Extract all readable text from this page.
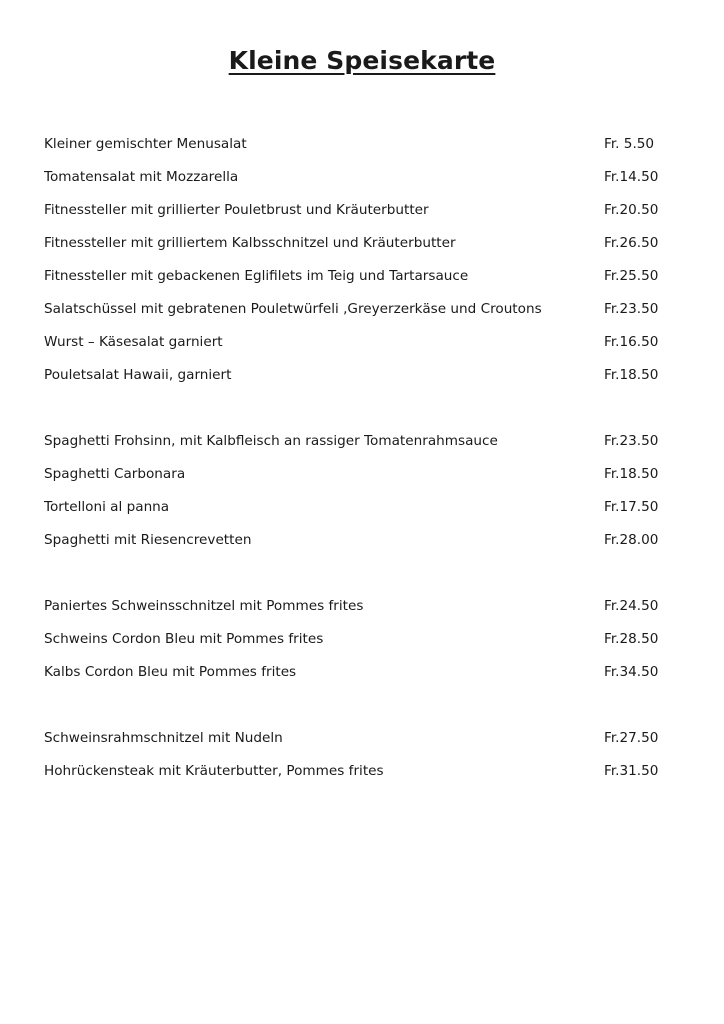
Kleine Speisekarte
Kleiner gemischter Menusalat	Fr. 5.50
Tomatensalat mit Mozzarella	Fr.14.50
Fitnessteller mit grillierter Pouletbrust und Kräuterbutter	Fr.20.50
Fitnessteller mit grilliertem Kalbsschnitzel und Kräuterbutter	Fr.26.50
Fitnessteller mit gebackenen Eglifilets im Teig und Tartarsauce	Fr.25.50
Salatschüssel mit gebratenen Pouletwürfeli ,Greyerzerkäse und Croutons	Fr.23.50
Wurst – Käsesalat garniert	Fr.16.50
Pouletsalat Hawaii, garniert	Fr.18.50
Spaghetti Frohsinn, mit Kalbfleisch an rassiger Tomatenrahmsauce	Fr.23.50
Spaghetti Carbonara	Fr.18.50
Tortelloni al panna	Fr.17.50
Spaghetti mit Riesencrevetten	Fr.28.00
Paniertes Schweinsschnitzel mit Pommes frites	Fr.24.50
Schweins Cordon Bleu mit Pommes frites	Fr.28.50
Kalbs Cordon Bleu mit Pommes frites	Fr.34.50
Schweinsrahmschnitzel mit Nudeln	Fr.27.50
Hohrückensteak mit Kräuterbutter, Pommes frites	Fr.31.50
